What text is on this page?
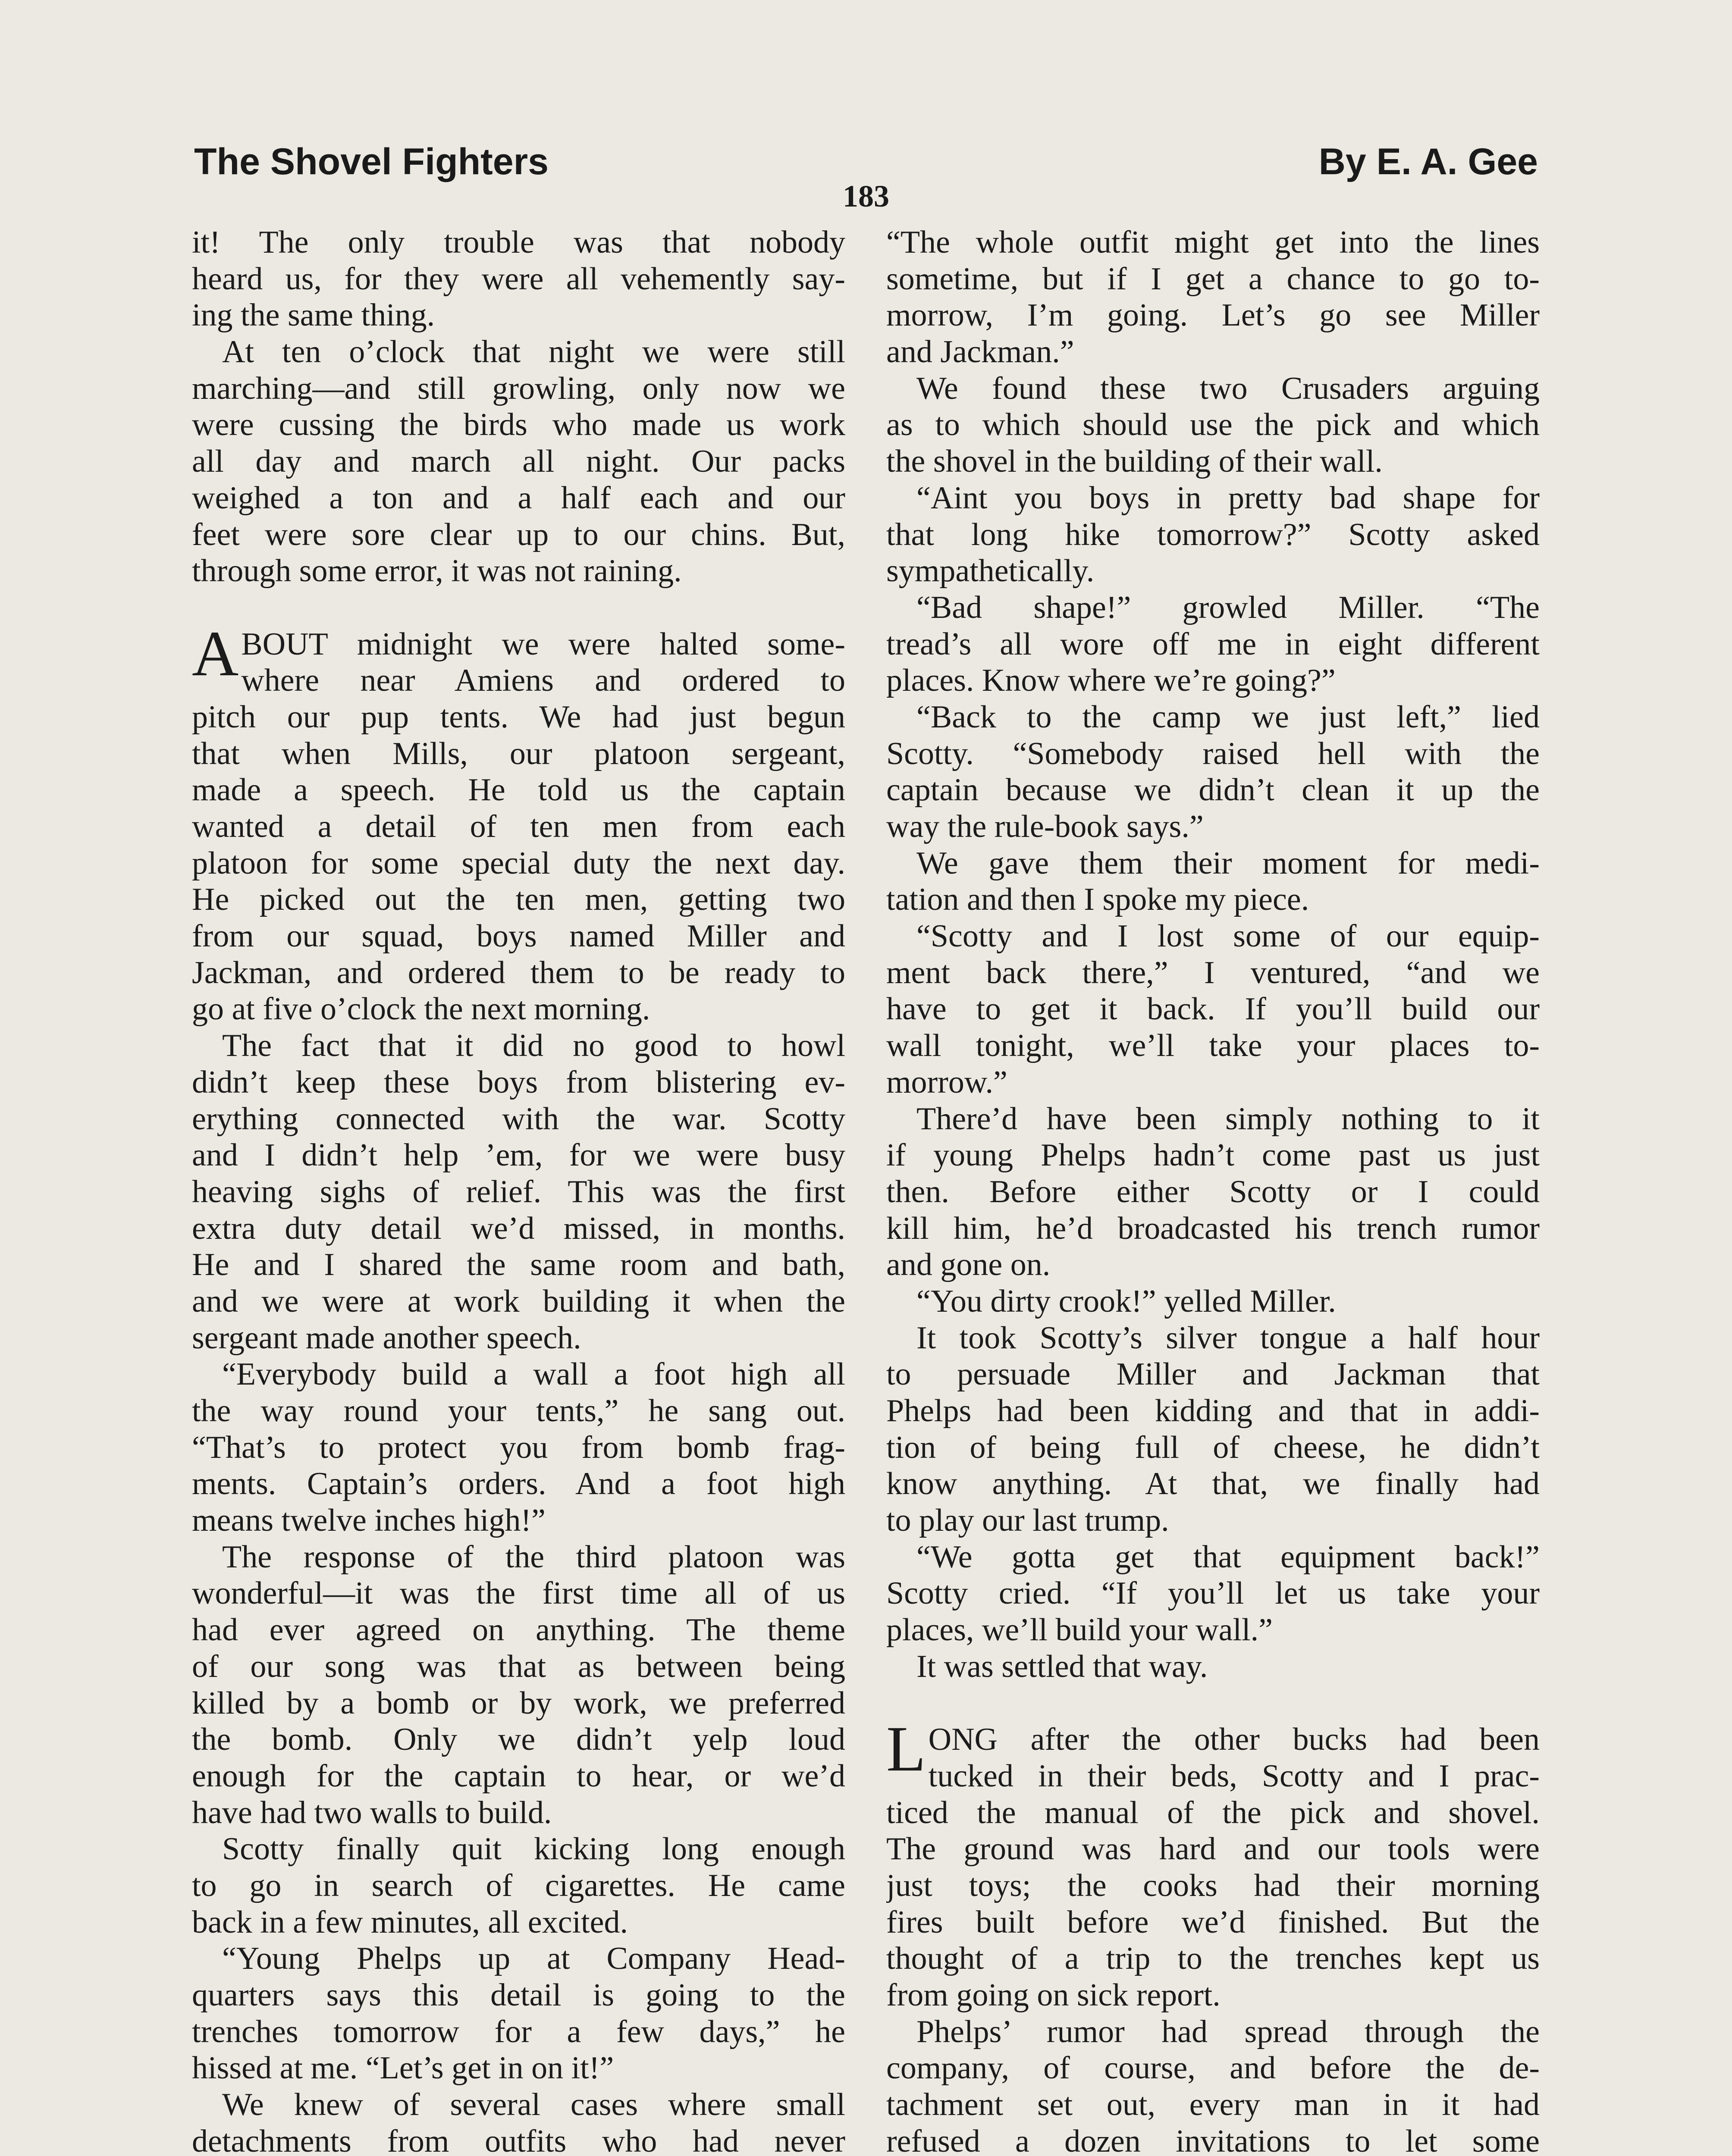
The Shovel Fighters	By E. A. Gee
183
it! The only trouble was that nobody
heard us, for they were all vehemently say-
ing the same thing.
At ten o’clock that night we were still
marching—and still growling, only now we
were cussing the birds who made us work
all day and march all night. Our packs
weighed a ton and a half each and our
feet were sore clear up to our chins. But,
through some error, it was not raining.
ABOUT midnight we were halted some-
where near Amiens and ordered to
pitch our pup tents. We had just begun
that when Mills, our platoon sergeant,
made a speech. He told us the captain
wanted a detail of ten men from each
platoon for some special duty the next day.
He picked out the ten men, getting two
from our squad, boys named Miller and
Jackman, and ordered them to be ready to
go at five o’clock the next morning.
The fact that it did no good to howl
didn’t keep these boys from blistering ev-
erything connected with the war. Scotty
and I didn’t help ’em, for we were busy
heaving sighs of relief. This was the first
extra duty detail we’d missed, in months.
He and I shared the same room and bath,
and we were at work building it when the
sergeant made another speech.
“Everybody build a wall a foot high all
the way round your tents,” he sang out.
“That’s to protect you from bomb frag-
ments. Captain’s orders. And a foot high
means twelve inches high!”
The response of the third platoon was
wonderful—it was the first time all of us
had ever agreed on anything. The theme
of our song was that as between being
killed by a bomb or by work, we preferred
the bomb. Only we didn’t yelp loud
enough for the captain to hear, or we’d
have had two walls to build.
Scotty finally quit kicking long enough
to go in search of cigarettes. He came
back in a few minutes, all excited.
“Young Phelps up at Company Head-
quarters says this detail is going to the
trenches tomorrow for a few days,” he
hissed at me. “Let’s get in on it!”
We knew of several cases where small
detachments from outfits who had never
“The whole outfit might get into the lines
sometime, but if I get a chance to go to-
morrow, I’m going. Let’s go see Miller
and Jackman.”
We found these two Crusaders arguing
as to which should use the pick and which
the shovel in the building of their wall.
“Aint you boys in pretty bad shape for
that long hike tomorrow?” Scotty asked
sympathetically.
“Bad shape!” growled Miller. “The
tread’s all wore off me in eight different
places. Know where we’re going?”
“Back to the camp we just left,” lied
Scotty. “Somebody raised hell with the
captain because we didn’t clean it up the
way the rule-book says.”
We gave them their moment for medi-
tation and then I spoke my piece.
“Scotty and I lost some of our equip-
ment back there,” I ventured, “and we
have to get it back. If you’ll build our
wall tonight, we’ll take your places to-
morrow.”
There’d have been simply nothing to it
if young Phelps hadn’t come past us just
then. Before either Scotty or I could
kill him, he’d broadcasted his trench rumor
and gone on.
“You dirty crook!” yelled Miller.
It took Scotty’s silver tongue a half hour
to persuade Miller and Jackman that
Phelps had been kidding and that in addi-
tion of being full of cheese, he didn’t
know anything. At that, we finally had
to play our last trump.
“We gotta get that equipment back!”
Scotty cried. “If you’ll let us take your
places, we’ll build your wall.”
It was settled that way.
LONG after the other bucks had been
tucked in their beds, Scotty and I prac-
ticed the manual of the pick and shovel.
The ground was hard and our tools were
just toys; the cooks had their morning
fires built before we’d finished. But the
thought of a trip to the trenches kept us
from going on sick report.
Phelps’ rumor had spread through the
company, of course, and before the de-
tachment set out, every man in it had
refused a dozen invitations to let some
